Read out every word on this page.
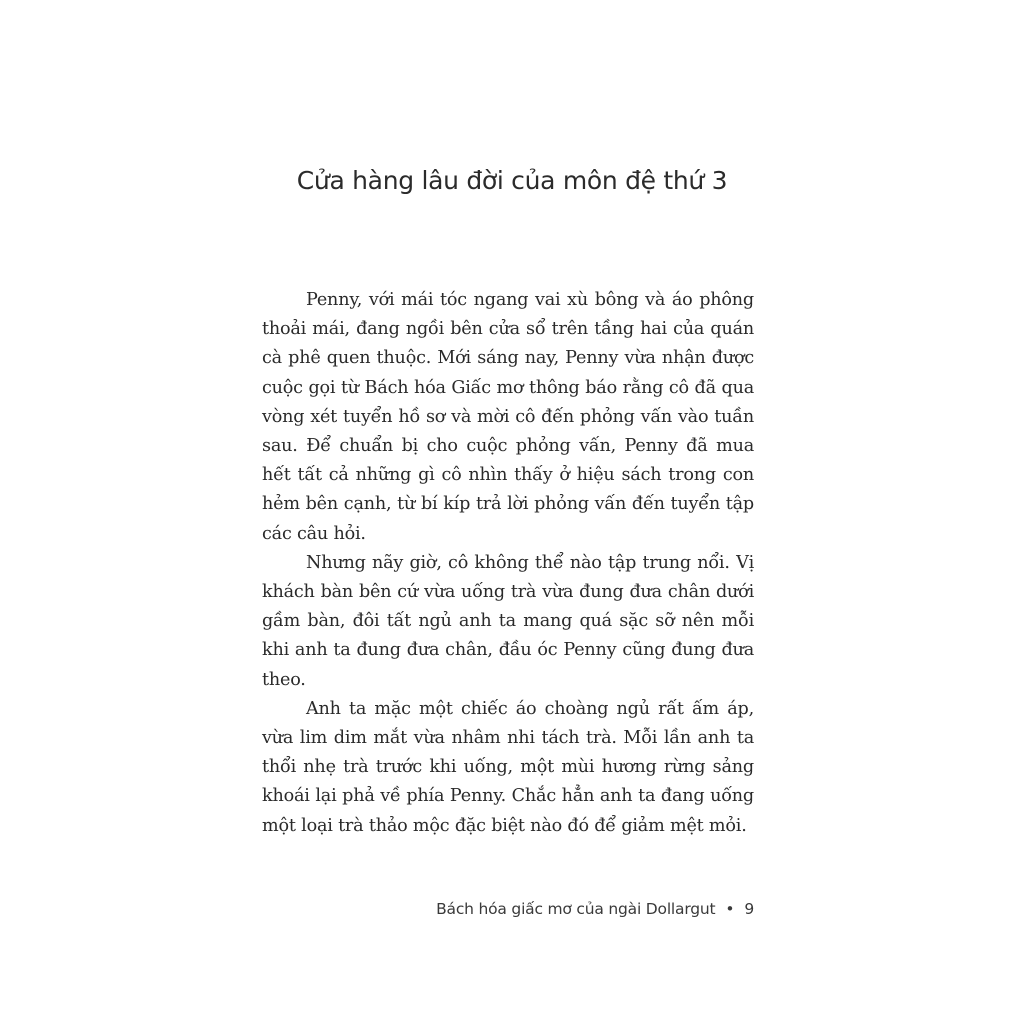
Cửa hàng lâu đời của môn đệ thứ 3

Penny, với mái tóc ngang vai xù bông và áo phông thoải mái, đang ngồi bên cửa sổ trên tầng hai của quán cà phê quen thuộc. Mới sáng nay, Penny vừa nhận được cuộc gọi từ Bách hóa Giấc mơ thông báo rằng cô đã qua vòng xét tuyển hồ sơ và mời cô đến phỏng vấn vào tuần sau. Để chuẩn bị cho cuộc phỏng vấn, Penny đã mua hết tất cả những gì cô nhìn thấy ở hiệu sách trong con hẻm bên cạnh, từ bí kíp trả lời phỏng vấn đến tuyển tập các câu hỏi.

Nhưng nãy giờ, cô không thể nào tập trung nổi. Vị khách bàn bên cứ vừa uống trà vừa đung đưa chân dưới gầm bàn, đôi tất ngủ anh ta mang quá sặc sỡ nên mỗi khi anh ta đung đưa chân, đầu óc Penny cũng đung đưa theo.

Anh ta mặc một chiếc áo choàng ngủ rất ấm áp, vừa lim dim mắt vừa nhâm nhi tách trà. Mỗi lần anh ta thổi nhẹ trà trước khi uống, một mùi hương rừng sảng khoái lại phả về phía Penny. Chắc hẳn anh ta đang uống một loại trà thảo mộc đặc biệt nào đó để giảm mệt mỏi.

Bách hóa giấc mơ của ngài Dollargut • 9
